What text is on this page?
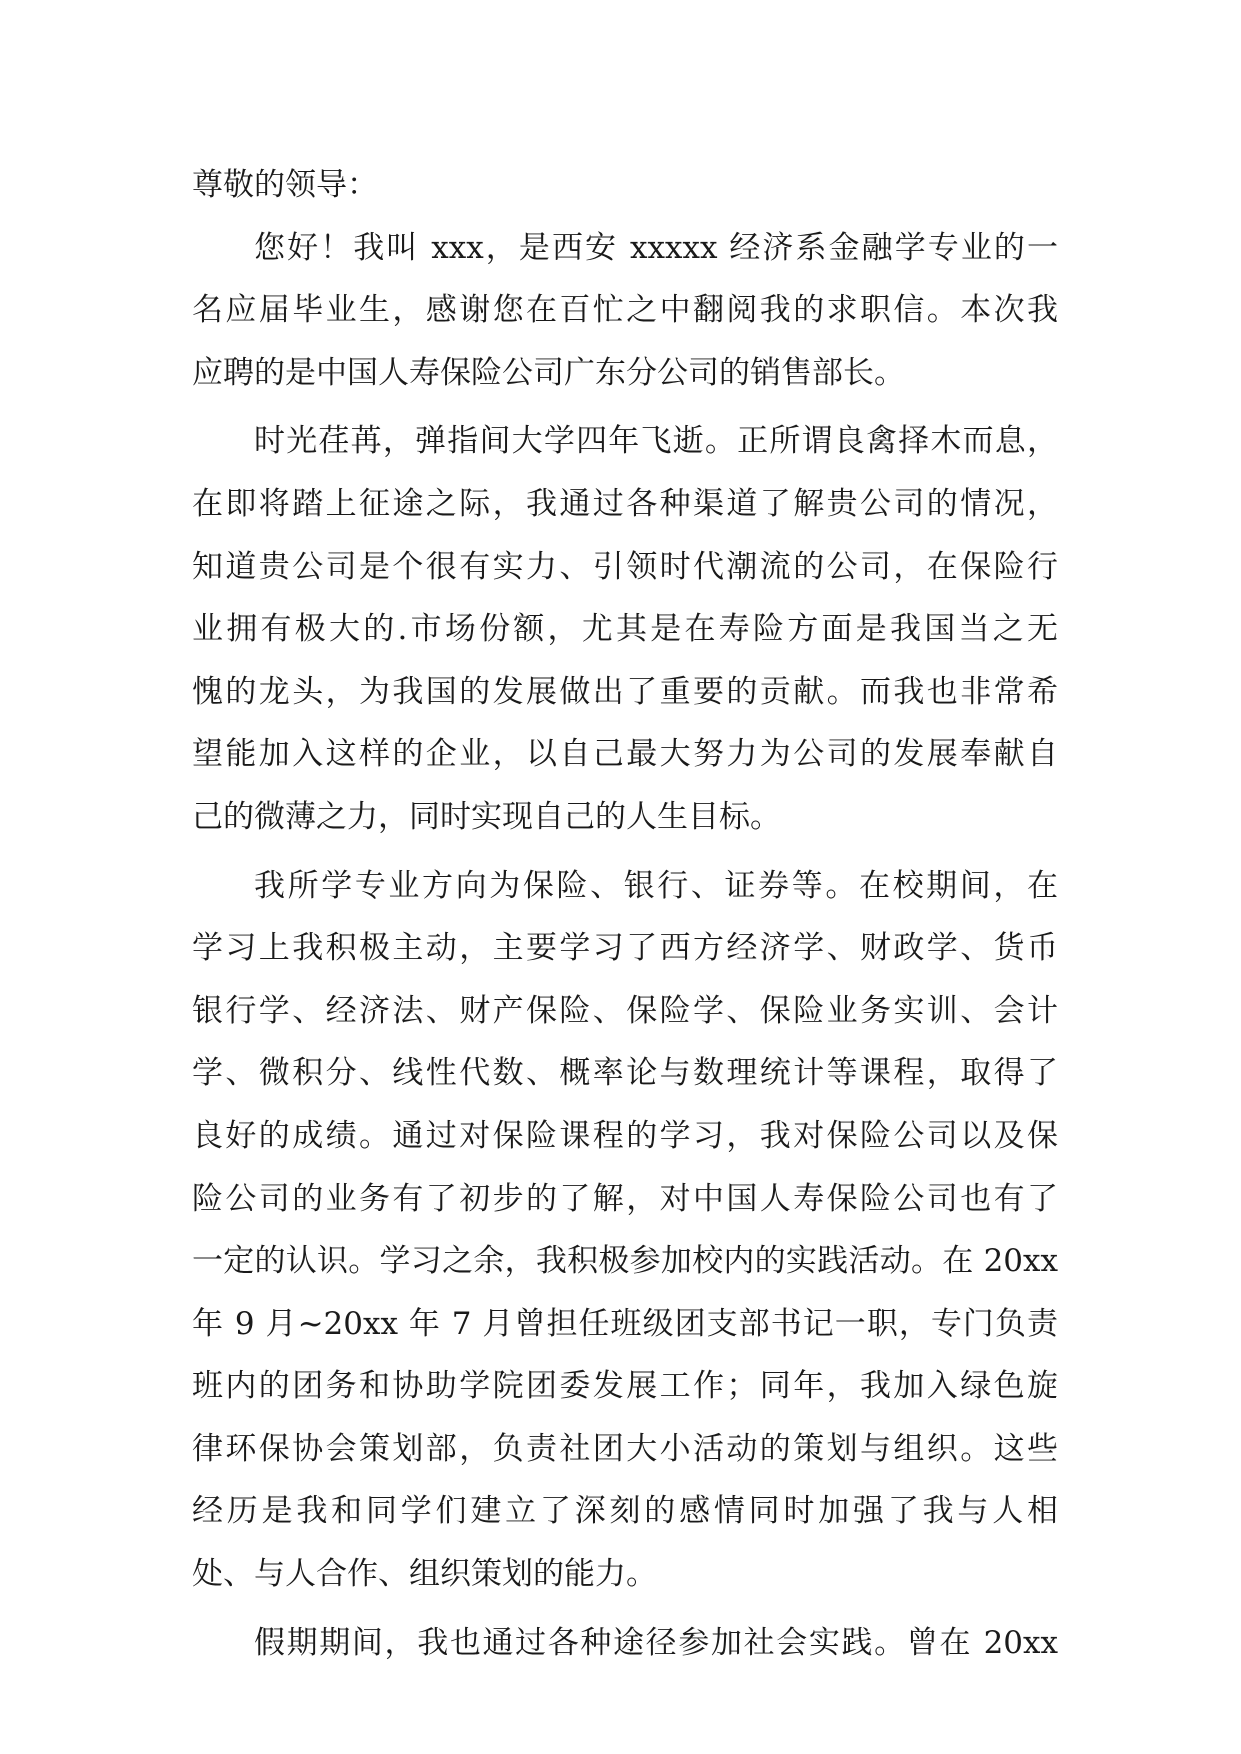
尊敬的领导：
您好！我叫 xxx，是西安 xxxxx 经济系金融学专业的一
名应届毕业生，感谢您在百忙之中翻阅我的求职信。本次我
应聘的是中国人寿保险公司广东分公司的销售部长。
时光荏苒，弹指间大学四年飞逝。正所谓良禽择木而息，
在即将踏上征途之际，我通过各种渠道了解贵公司的情况，
知道贵公司是个很有实力、引领时代潮流的公司，在保险行
业拥有极大的.市场份额，尤其是在寿险方面是我国当之无
愧的龙头，为我国的发展做出了重要的贡献。而我也非常希
望能加入这样的企业，以自己最大努力为公司的发展奉献自
己的微薄之力，同时实现自己的人生目标。
我所学专业方向为保险、银行、证券等。在校期间，在
学习上我积极主动，主要学习了西方经济学、财政学、货币
银行学、经济法、财产保险、保险学、保险业务实训、会计
学、微积分、线性代数、概率论与数理统计等课程，取得了
良好的成绩。通过对保险课程的学习，我对保险公司以及保
险公司的业务有了初步的了解，对中国人寿保险公司也有了
一定的认识。学习之余，我积极参加校内的实践活动。在 20xx
年 9 月~20xx 年 7 月曾担任班级团支部书记一职，专门负责
班内的团务和协助学院团委发展工作；同年，我加入绿色旋
律环保协会策划部，负责社团大小活动的策划与组织。这些
经历是我和同学们建立了深刻的感情同时加强了我与人相
处、与人合作、组织策划的能力。
假期期间，我也通过各种途径参加社会实践。曾在 20xx
